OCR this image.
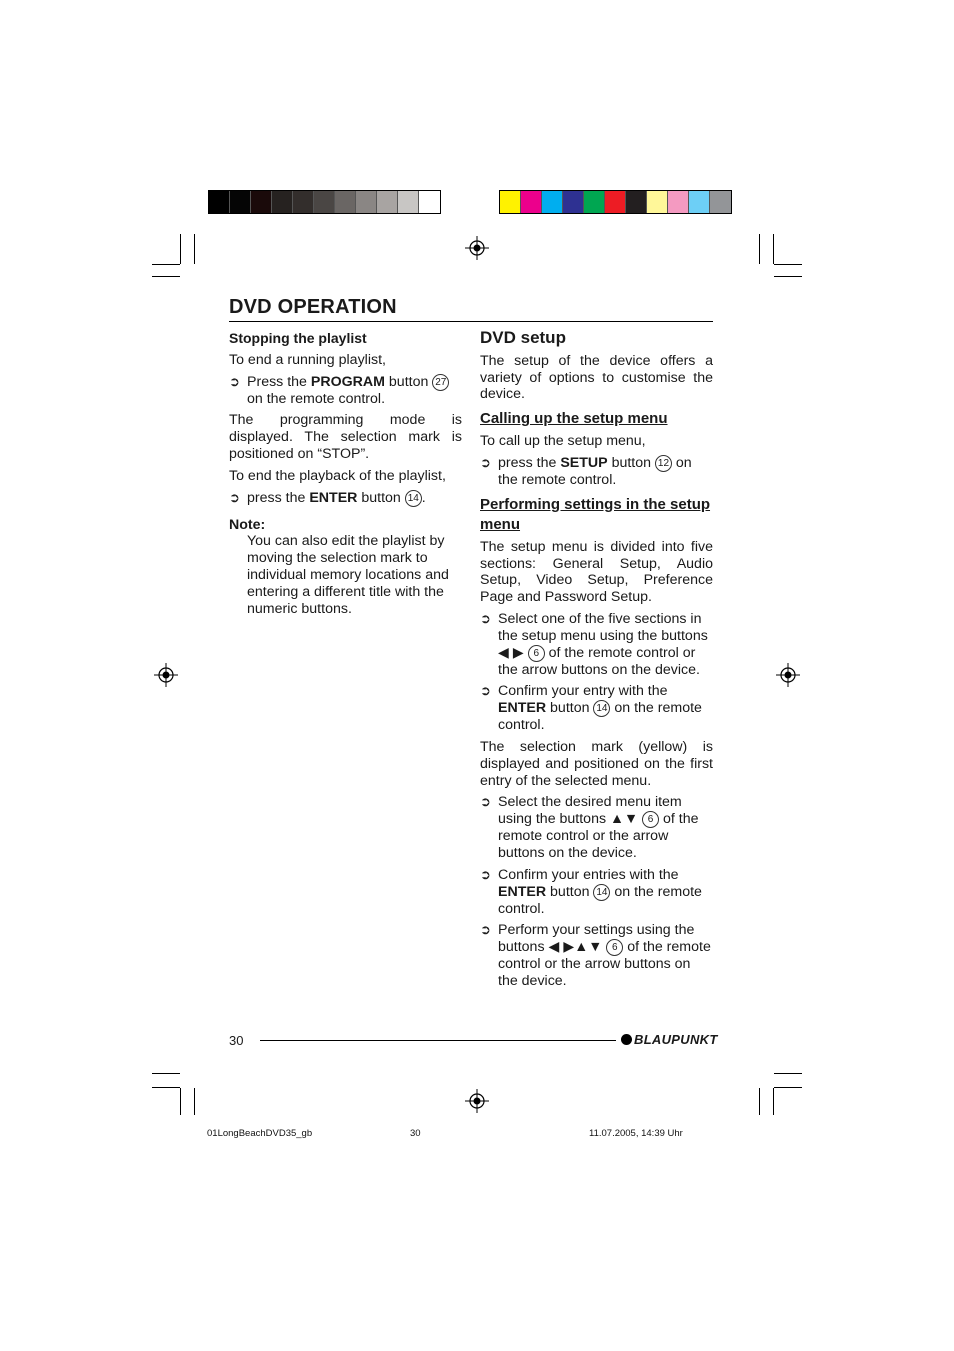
DVD OPERATION

Stopping the playlist

To end a running playlist,

➲ Press the PROGRAM button 27 on the remote control.

The programming mode is displayed. The selection mark is positioned on “STOP”.

To end the playback of the playlist,

➲ press the ENTER button 14 .
Note:
You can also edit the playlist by moving the selection mark to individual memory locations and entering a different title with the numeric buttons.
DVD setup

The setup of the device offers a variety of options to customise the device.

Calling up the setup menu

To call up the setup menu,

➲ press the SETUP button 12 on the remote control.
Performing settings in the setup menu

The setup menu is divided into five sections: General Setup, Audio Setup, Video Setup, Preference Page and Password Setup.

➲ Select one of the five sections in the setup menu using the buttons ◀ ▶ 6 of the remote control or the arrow buttons on the device.
➲ Confirm your entry with the ENTER button 14 on the remote control.

The selection mark (yellow) is displayed and positioned on the first entry of the selected menu.

➲ Select the desired menu item using the buttons ▲▼ 6 of the remote control or the arrow buttons on the device.
➲ Confirm your entries with the ENTER button 14 on the remote control.
➲ Perform your settings using the buttons ◀ ▶▲▼ 6 of the remote control or the arrow buttons on the device.
30	BLAUPUNKT
01LongBeachDVD35_gb	30	11.07.2005, 14:39 Uhr
